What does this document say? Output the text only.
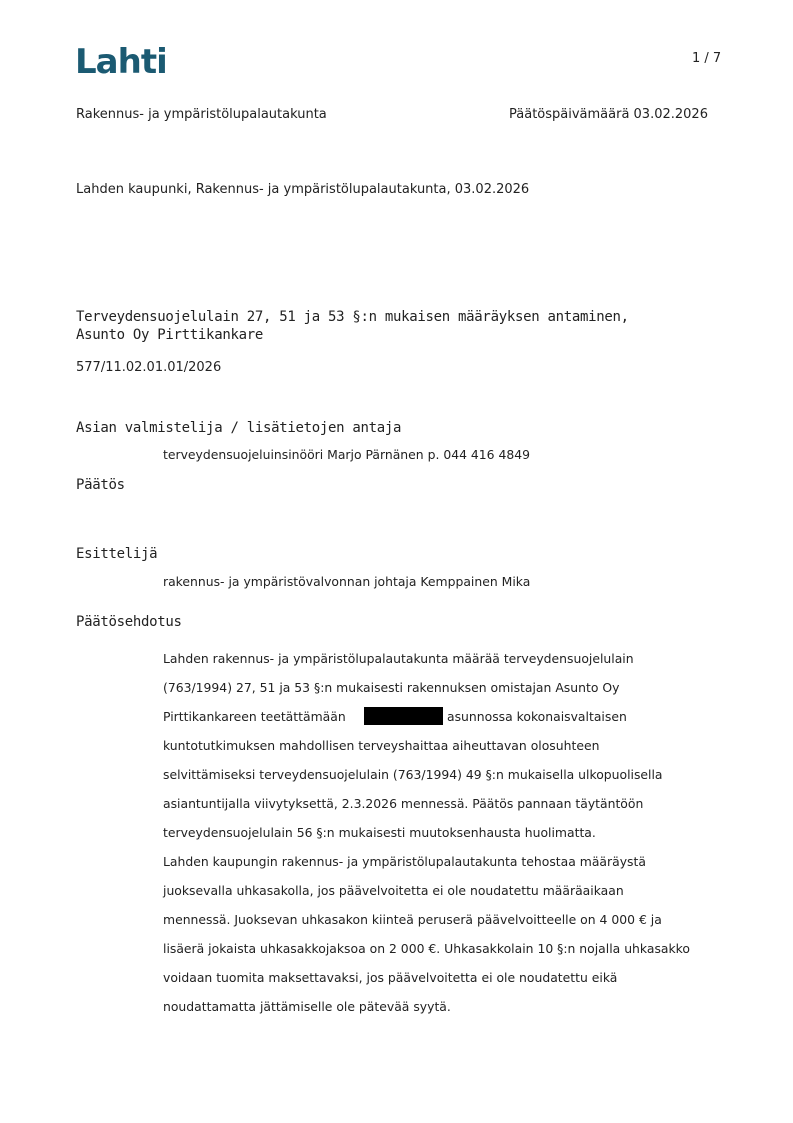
Lahti	1 / 7
Rakennus- ja ympäristölupalautakunta	Päätöspäivämäärä 03.02.2026
Lahden kaupunki, Rakennus- ja ympäristölupalautakunta, 03.02.2026
Terveydensuojelulain 27, 51 ja 53 §:n mukaisen määräyksen antaminen, Asunto Oy Pirttikankare
577/11.02.01.01/2026
Asian valmistelija / lisätietojen antaja
terveydensuojeluinsinööri Marjo Pärnänen p. 044 416 4849
Päätös
Esittelijä
rakennus- ja ympäristövalvonnan johtaja Kemppainen Mika
Päätösehdotus
Lahden rakennus- ja ympäristölupalautakunta määrää terveydensuojelulain
(763/1994) 27, 51 ja 53 §:n mukaisesti rakennuksen omistajan Asunto Oy
Pirttikankareen teetättämään	asunnossa kokonaisvaltaisen
kuntotutkimuksen mahdollisen terveyshaittaa aiheuttavan olosuhteen
selvittämiseksi terveydensuojelulain (763/1994) 49 §:n mukaisella ulkopuolisella
asiantuntijalla viivytyksettä, 2.3.2026 mennessä. Päätös pannaan täytäntöön
terveydensuojelulain 56 §:n mukaisesti muutoksenhausta huolimatta.
Lahden kaupungin rakennus- ja ympäristölupalautakunta tehostaa määräystä
juoksevalla uhkasakolla, jos päävelvoitetta ei ole noudatettu määräaikaan
mennessä. Juoksevan uhkasakon kiinteä peruserä päävelvoitteelle on 4 000 € ja
lisäerä jokaista uhkasakkojaksoa on 2 000 €. Uhkasakkolain 10 §:n nojalla uhkasakko
voidaan tuomita maksettavaksi, jos päävelvoitetta ei ole noudatettu eikä
noudattamatta jättämiselle ole pätevää syytä.
